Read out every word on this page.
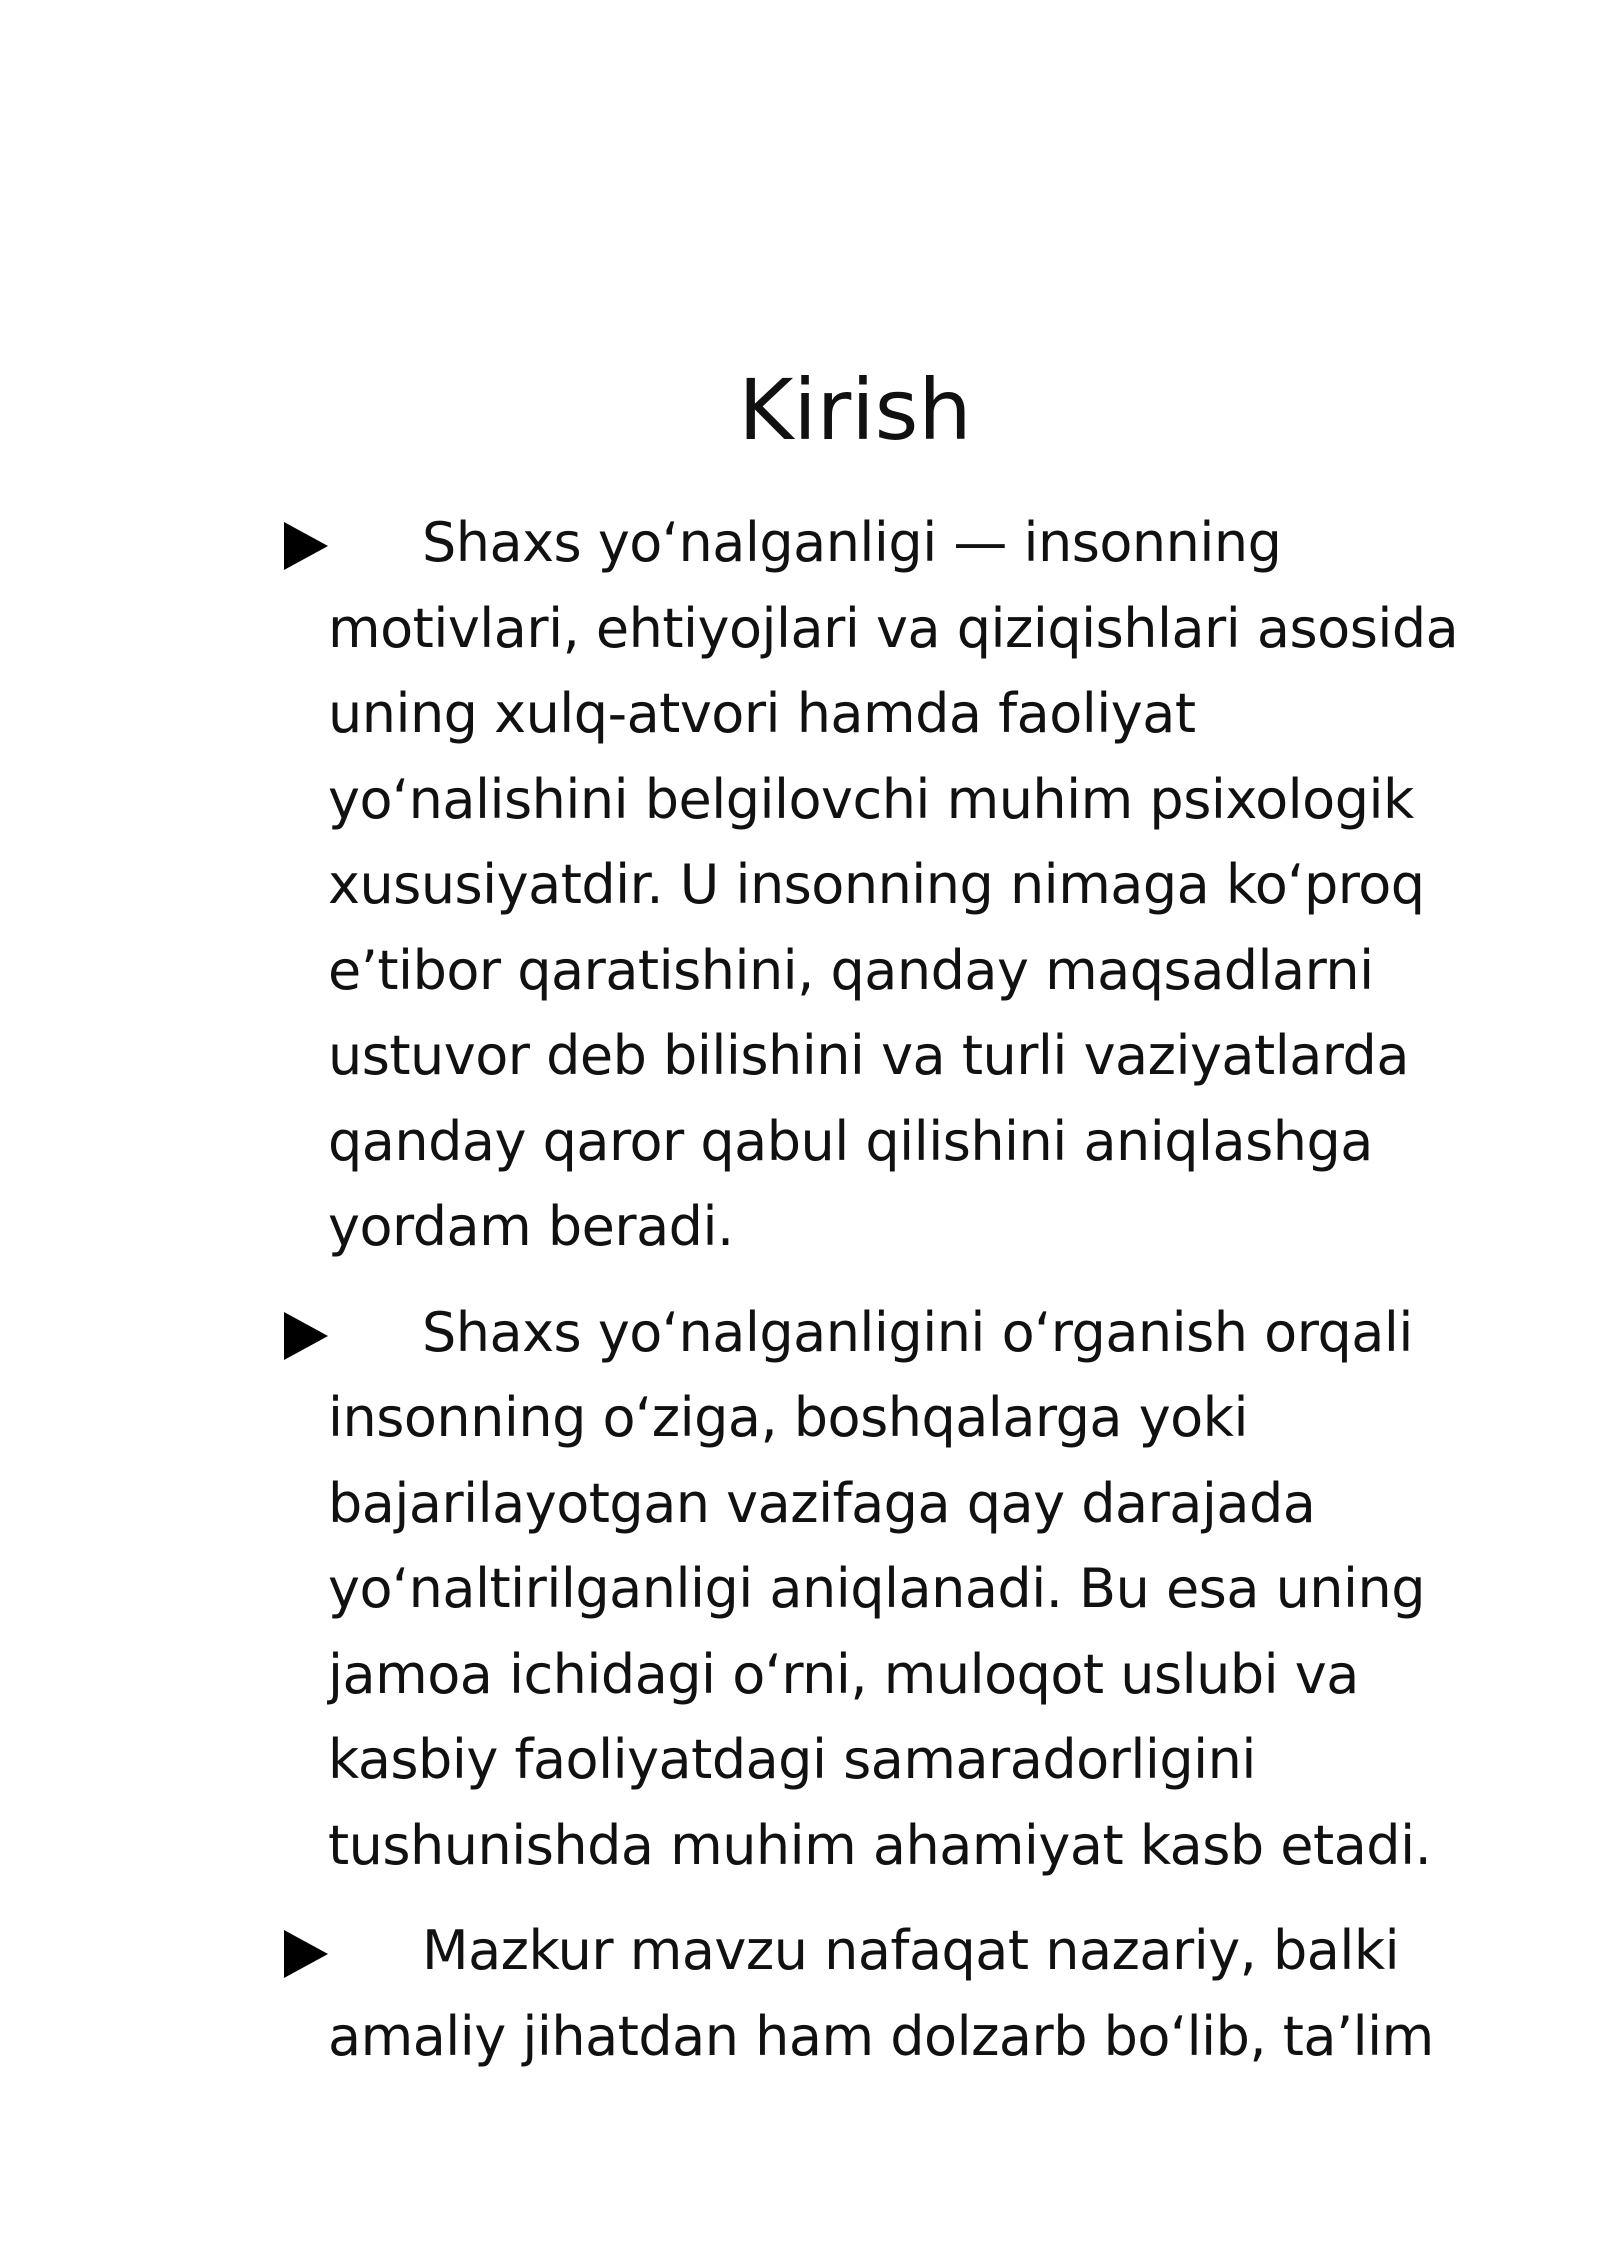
Kirish
Shaxs yo‘nalganligi — insonning motivlari, ehtiyojlari va qiziqishlari asosida uning xulq-atvori hamda faoliyat yo‘nalishini belgilovchi muhim psixologik xususiyatdir. U insonning nimaga ko‘proq e’tibor qaratishini, qanday maqsadlarni ustuvor deb bilishini va turli vaziyatlarda qanday qaror qabul qilishini aniqlashga yordam beradi.
Shaxs yo‘nalganligini o‘rganish orqali insonning o‘ziga, boshqalarga yoki bajarilayotgan vazifaga qay darajada yo‘naltirilganligi aniqlanadi. Bu esa uning jamoa ichidagi o‘rni, muloqot uslubi va kasbiy faoliyatdagi samaradorligini tushunishda muhim ahamiyat kasb etadi.
Mazkur mavzu nafaqat nazariy, balki amaliy jihatdan ham dolzarb bo‘lib, ta’lim
